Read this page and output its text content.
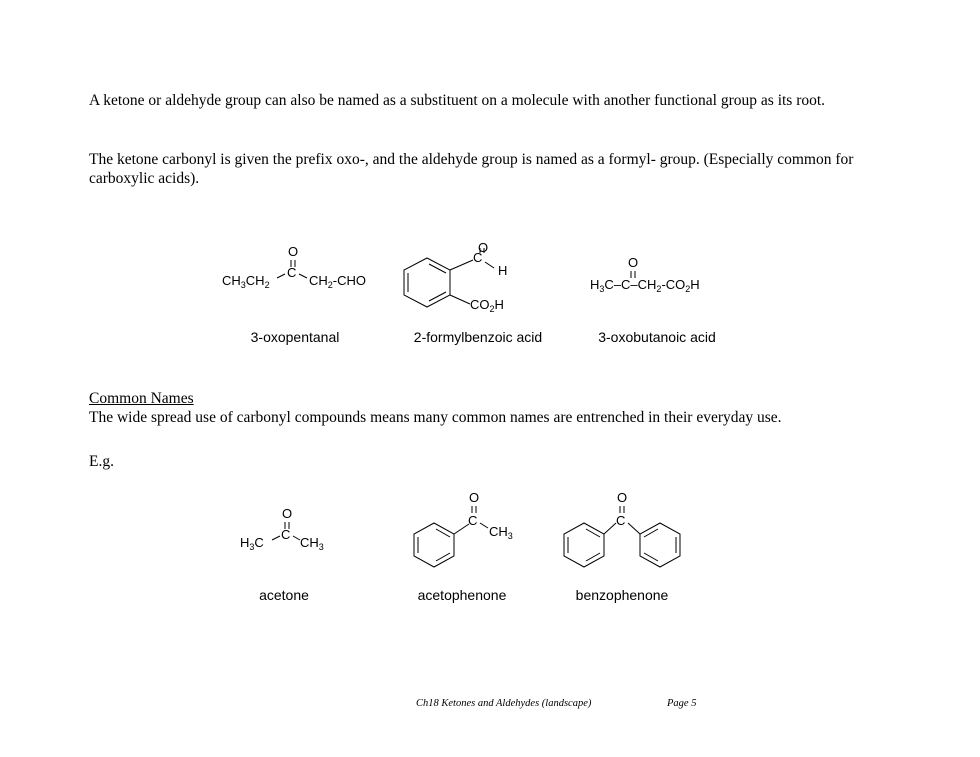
A ketone or aldehyde group can also be named as a substituent on a molecule with another functional group as its root.

The ketone carbonyl is given the prefix oxo-, and the aldehyde group is named as a formyl- group. (Especially common for carboxylic acids).

$CH_3CH_2$
C
O
$CH_2$-CHO
C
O
H
$CO_2H$
$H_3C-C-CH_2-CO_2H$
O
3-oxopentanal	2-formylbenzoic acid	3-oxobutanoic acid

Common Names

The wide spread use of carbonyl compounds means many common names are entrenched in their everyday use.

E.g.

$H_3C$
C
O
$CH_3$
C
O
$CH_3$
C
O
acetone	acetophenone	benzophenone
Ch18 Ketones and Aldehydes (landscape)	Page 5
